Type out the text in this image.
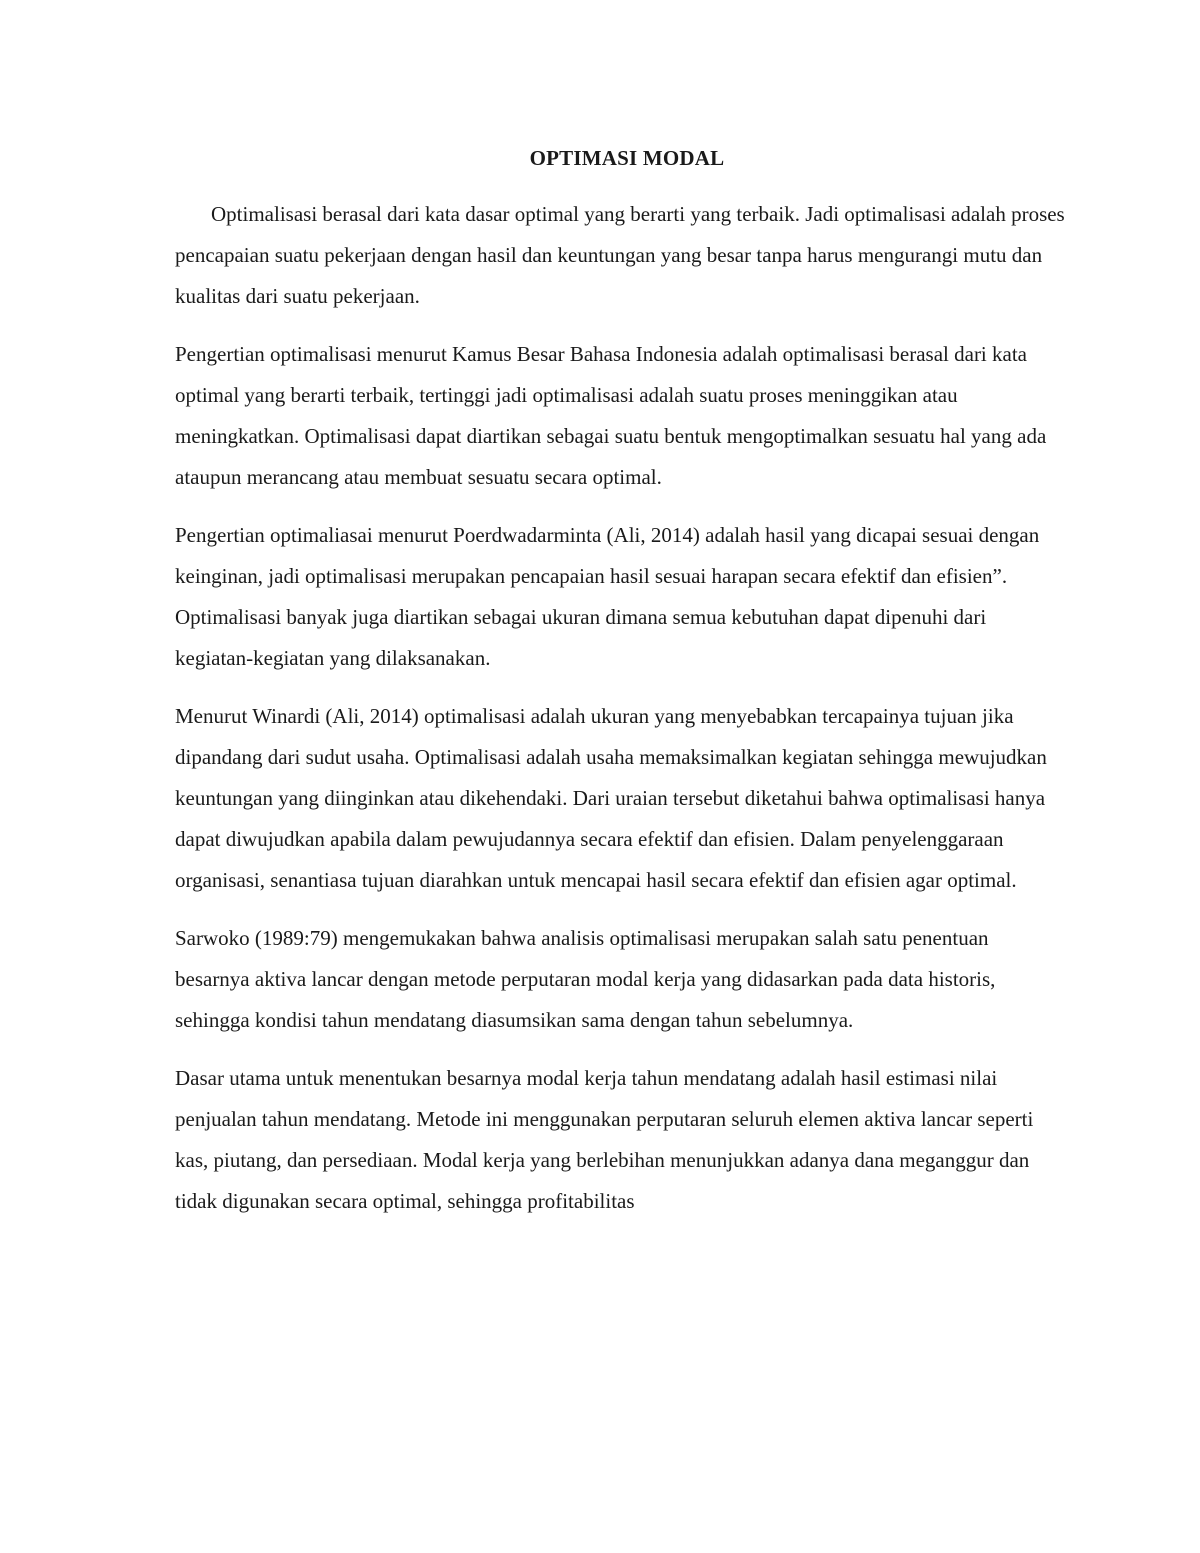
OPTIMASI MODAL

Optimalisasi berasal dari kata dasar optimal yang berarti yang terbaik. Jadi optimalisasi adalah proses pencapaian suatu pekerjaan dengan hasil dan keuntungan yang besar tanpa harus mengurangi mutu dan kualitas dari suatu pekerjaan.

Pengertian optimalisasi menurut Kamus Besar Bahasa Indonesia adalah optimalisasi berasal dari kata optimal yang berarti terbaik, tertinggi jadi optimalisasi adalah suatu proses meninggikan atau meningkatkan. Optimalisasi dapat diartikan sebagai suatu bentuk mengoptimalkan sesuatu hal yang ada ataupun merancang atau membuat sesuatu secara optimal.

Pengertian optimaliasai menurut Poerdwadarminta (Ali, 2014) adalah hasil yang dicapai sesuai dengan keinginan, jadi optimalisasi merupakan pencapaian hasil sesuai harapan secara efektif dan efisien”. Optimalisasi banyak juga diartikan sebagai ukuran dimana semua kebutuhan dapat dipenuhi dari kegiatan-kegiatan yang dilaksanakan.

Menurut Winardi (Ali, 2014) optimalisasi adalah ukuran yang menyebabkan tercapainya tujuan jika dipandang dari sudut usaha. Optimalisasi adalah usaha memaksimalkan kegiatan sehingga mewujudkan keuntungan yang diinginkan atau dikehendaki. Dari uraian tersebut diketahui bahwa optimalisasi hanya dapat diwujudkan apabila dalam pewujudannya secara efektif dan efisien. Dalam penyelenggaraan organisasi, senantiasa tujuan diarahkan untuk mencapai hasil secara efektif dan efisien agar optimal.

Sarwoko (1989:79) mengemukakan bahwa analisis optimalisasi merupakan salah satu penentuan besarnya aktiva lancar dengan metode perputaran modal kerja yang didasarkan pada data historis, sehingga kondisi tahun mendatang diasumsikan sama dengan tahun sebelumnya.

Dasar utama untuk menentukan besarnya modal kerja tahun mendatang adalah hasil estimasi nilai penjualan tahun mendatang. Metode ini menggunakan perputaran seluruh elemen aktiva lancar seperti kas, piutang, dan persediaan. Modal kerja yang berlebihan menunjukkan adanya dana meganggur dan tidak digunakan secara optimal, sehingga profitabilitas
